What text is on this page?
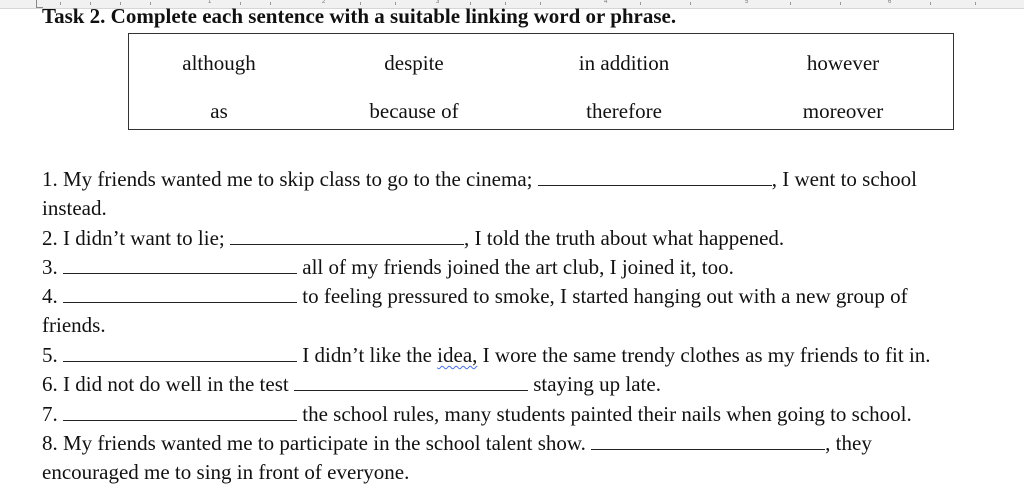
1	2	3	4	5	6
Task 2. Complete each sentence with a suitable linking word or phrase.
although	despite	in addition	however
as	because of	therefore	moreover
1. My friends wanted me to skip class to go to the cinema;	, I went to school
instead.
2. I didn’t want to lie;	, I told the truth about what happened.
3.	all of my friends joined the art club, I joined it, too.
4.	to feeling pressured to smoke, I started hanging out with a new group of
friends.
5.	I didn’t like the idea, I wore the same trendy clothes as my friends to fit in.
6. I did not do well in the test	staying up late.
7.	the school rules, many students painted their nails when going to school.
8. My friends wanted me to participate in the school talent show.	, they
encouraged me to sing in front of everyone.
